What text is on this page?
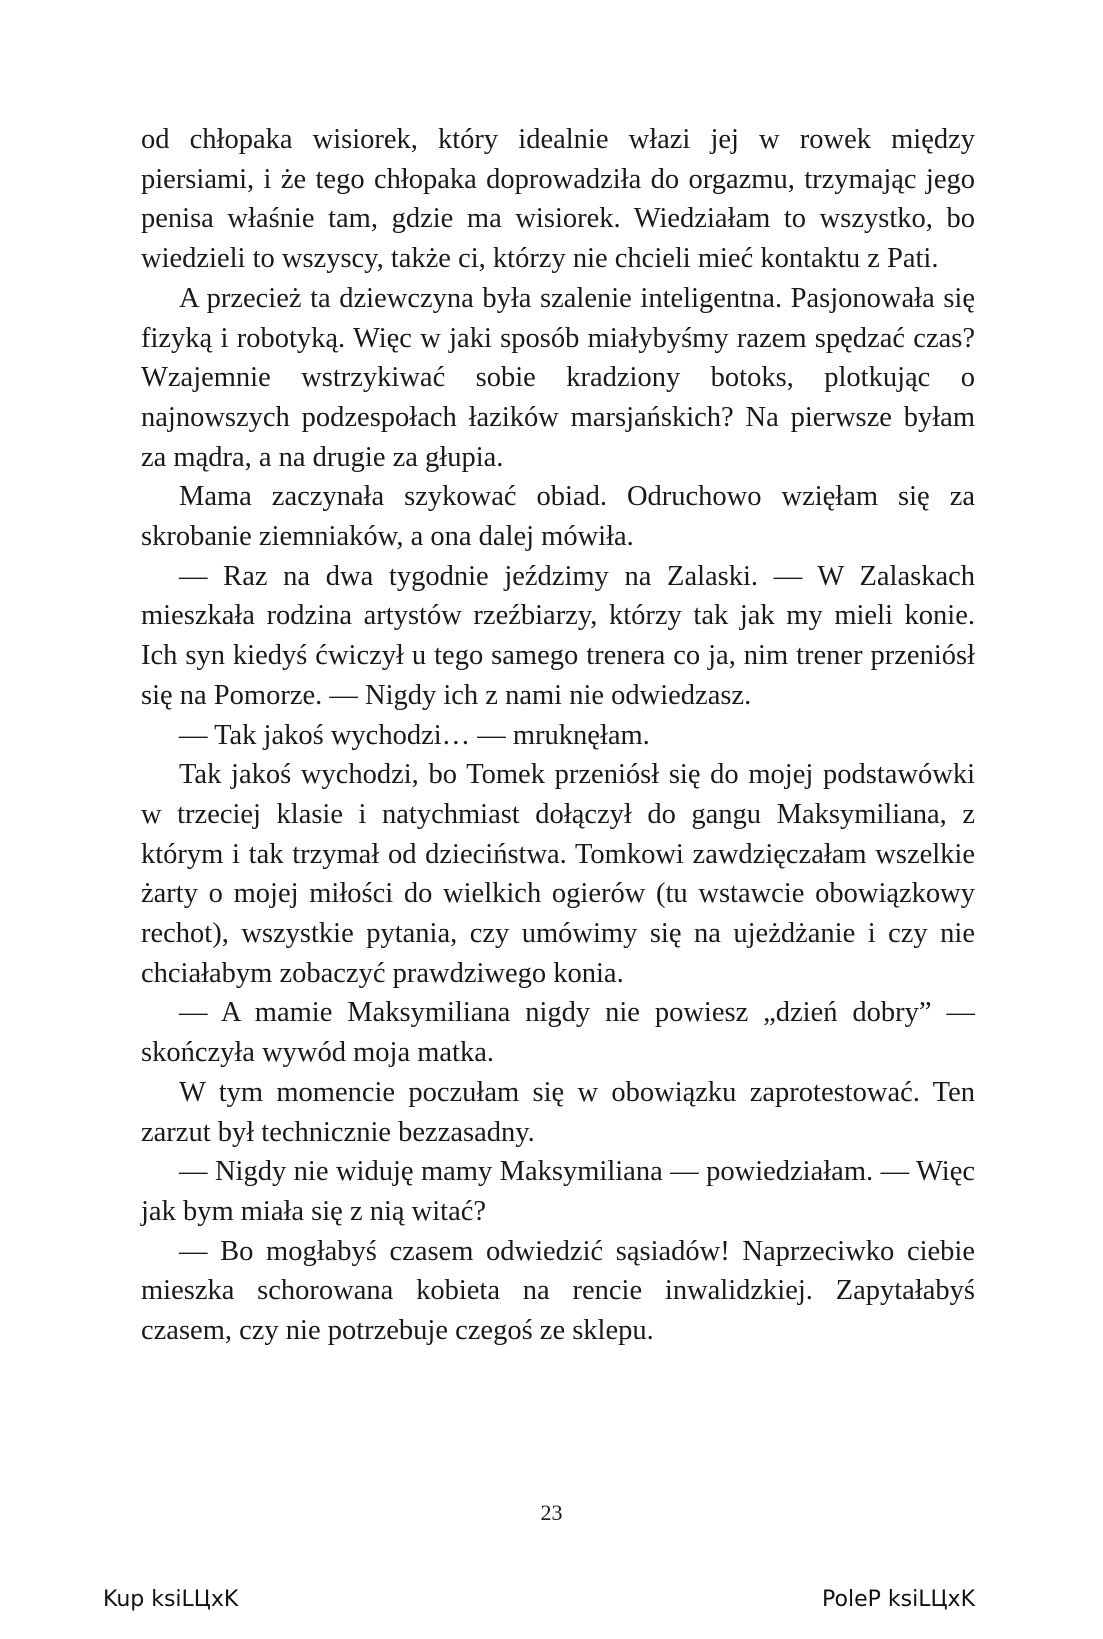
od chłopaka wisiorek, który idealnie włazi jej w rowek między piersiami, i że tego chłopaka doprowadziła do orgazmu, trzymając jego penisa właśnie tam, gdzie ma wisiorek. Wiedziałam to wszystko, bo wiedzieli to wszyscy, także ci, którzy nie chcieli mieć kontaktu z Pati.

A przecież ta dziewczyna była szalenie inteligentna. Pasjonowała się fizyką i robotyką. Więc w jaki sposób miałybyśmy razem spędzać czas? Wzajemnie wstrzykiwać sobie kradziony botoks, plotkując o najnowszych podzespołach łazików marsjańskich? Na pierwsze byłam za mądra, a na drugie za głupia.

Mama zaczynała szykować obiad. Odruchowo wzięłam się za skrobanie ziemniaków, a ona dalej mówiła.

— Raz na dwa tygodnie jeździmy na Zalaski. — W Zalaskach mieszkała rodzina artystów rzeźbiarzy, którzy tak jak my mieli konie. Ich syn kiedyś ćwiczył u tego samego trenera co ja, nim trener przeniósł się na Pomorze. — Nigdy ich z nami nie odwiedzasz.

— Tak jakoś wychodzi… — mruknęłam.

Tak jakoś wychodzi, bo Tomek przeniósł się do mojej podstawówki w trzeciej klasie i natychmiast dołączył do gangu Maksymiliana, z którym i tak trzymał od dzieciństwa. Tomkowi zawdzięczałam wszelkie żarty o mojej miłości do wielkich ogierów (tu wstawcie obowiązkowy rechot), wszystkie pytania, czy umówimy się na ujeżdżanie i czy nie chciałabym zobaczyć prawdziwego konia.

— A mamie Maksymiliana nigdy nie powiesz „dzień dobry” — skończyła wywód moja matka.

W tym momencie poczułam się w obowiązku zaprotestować. Ten zarzut był technicznie bezzasadny.

— Nigdy nie widuję mamy Maksymiliana — powiedziałam. — Więc jak bym miała się z nią witać?

— Bo mogłabyś czasem odwiedzić sąsiadów! Naprzeciwko ciebie mieszka schorowana kobieta na rencie inwalidzkiej. Zapytałabyś czasem, czy nie potrzebuje czegoś ze sklepu.

23
Kup ksiLЦxK	PoleP ksiLЦxK
